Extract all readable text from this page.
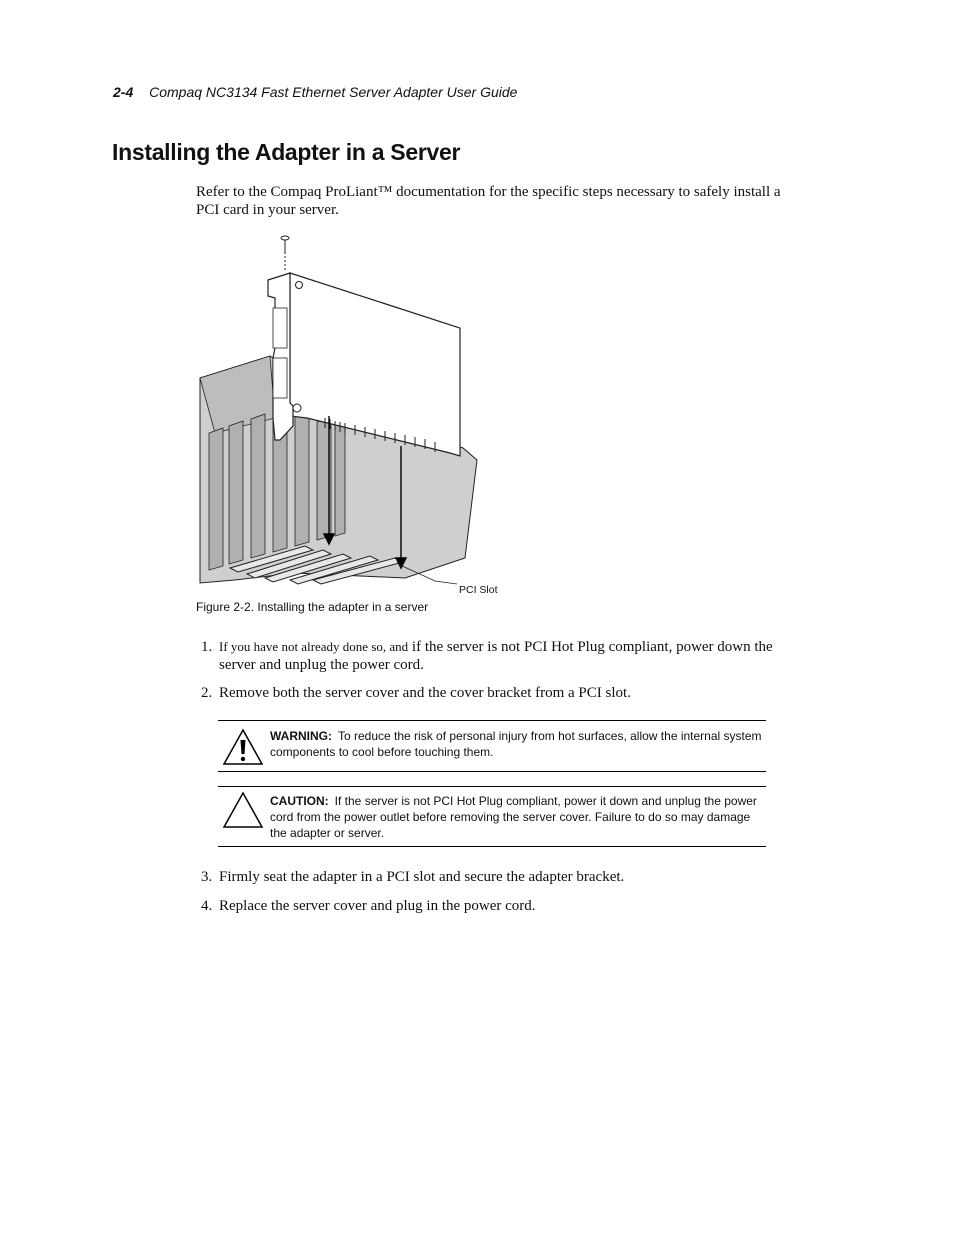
2-4 Compaq NC3134 Fast Ethernet Server Adapter User Guide
Installing the Adapter in a Server
Refer to the Compaq ProLiant™ documentation for the specific steps necessary to safely install a PCI card in your server.
PCI Slot
Figure 2-2. Installing the adapter in a server
1. If you have not already done so, and if the server is not PCI Hot Plug compliant, power down the server and unplug the power cord.
2. Remove both the server cover and the cover bracket from a PCI slot.
WARNING: To reduce the risk of personal injury from hot surfaces, allow the internal system components to cool before touching them.
CAUTION: If the server is not PCI Hot Plug compliant, power it down and unplug the power cord from the power outlet before removing the server cover. Failure to do so may damage the adapter or server.
3. Firmly seat the adapter in a PCI slot and secure the adapter bracket.
4. Replace the server cover and plug in the power cord.
